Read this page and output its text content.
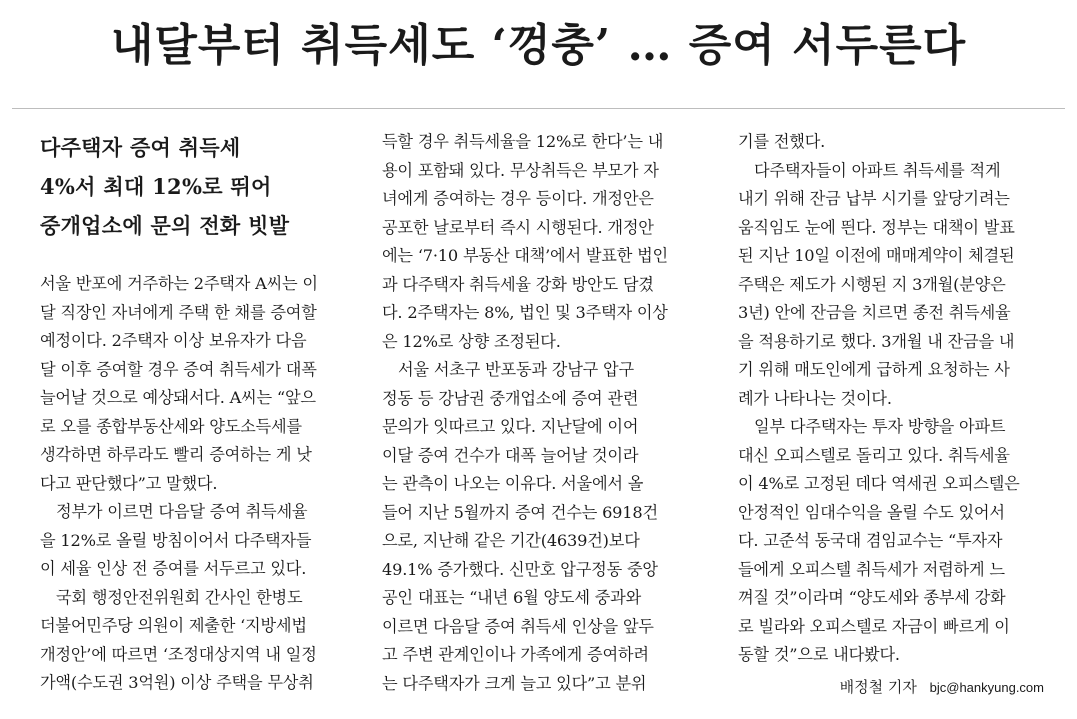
내달부터 취득세도 ‘껑충’ … 증여 서두른다
다주택자 증여 취득세
4%서 최대 12%로 뛰어
중개업소에 문의 전화 빗발
서울 반포에 거주하는 2주택자 A씨는 이
달 직장인 자녀에게 주택 한 채를 증여할
예정이다. 2주택자 이상 보유자가 다음
달 이후 증여할 경우 증여 취득세가 대폭
늘어날 것으로 예상돼서다. A씨는 “앞으
로 오를 종합부동산세와 양도소득세를
생각하면 하루라도 빨리 증여하는 게 낫
다고 판단했다”고 말했다.
정부가 이르면 다음달 증여 취득세율
을 12%로 올릴 방침이어서 다주택자들
이 세율 인상 전 증여를 서두르고 있다.
국회 행정안전위원회 간사인 한병도
더불어민주당 의원이 제출한 ‘지방세법
개정안’에 따르면 ‘조정대상지역 내 일정
가액(수도권 3억원) 이상 주택을 무상취
득할 경우 취득세율을 12%로 한다’는 내
용이 포함돼 있다. 무상취득은 부모가 자
녀에게 증여하는 경우 등이다. 개정안은
공포한 날로부터 즉시 시행된다. 개정안
에는 ‘7·10 부동산 대책’에서 발표한 법인
과 다주택자 취득세율 강화 방안도 담겼
다. 2주택자는 8%, 법인 및 3주택자 이상
은 12%로 상향 조정된다.
서울 서초구 반포동과 강남구 압구
정동 등 강남권 중개업소에 증여 관련
문의가 잇따르고 있다. 지난달에 이어
이달 증여 건수가 대폭 늘어날 것이라
는 관측이 나오는 이유다. 서울에서 올
들어 지난 5월까지 증여 건수는 6918건
으로, 지난해 같은 기간(4639건)보다
49.1% 증가했다. 신만호 압구정동 중앙
공인 대표는 “내년 6월 양도세 중과와
이르면 다음달 증여 취득세 인상을 앞두
고 주변 관계인이나 가족에게 증여하려
는 다주택자가 크게 늘고 있다”고 분위
기를 전했다.
다주택자들이 아파트 취득세를 적게
내기 위해 잔금 납부 시기를 앞당기려는
움직임도 눈에 띈다. 정부는 대책이 발표
된 지난 10일 이전에 매매계약이 체결된
주택은 제도가 시행된 지 3개월(분양은
3년) 안에 잔금을 치르면 종전 취득세율
을 적용하기로 했다. 3개월 내 잔금을 내
기 위해 매도인에게 급하게 요청하는 사
례가 나타나는 것이다.
일부 다주택자는 투자 방향을 아파트
대신 오피스텔로 돌리고 있다. 취득세율
이 4%로 고정된 데다 역세권 오피스텔은
안정적인 임대수익을 올릴 수도 있어서
다. 고준석 동국대 겸임교수는 “투자자
들에게 오피스텔 취득세가 저렴하게 느
껴질 것”이라며 “양도세와 종부세 강화
로 빌라와 오피스텔로 자금이 빠르게 이
동할 것”으로 내다봤다.
배정철 기자 bjc@hankyung.com
